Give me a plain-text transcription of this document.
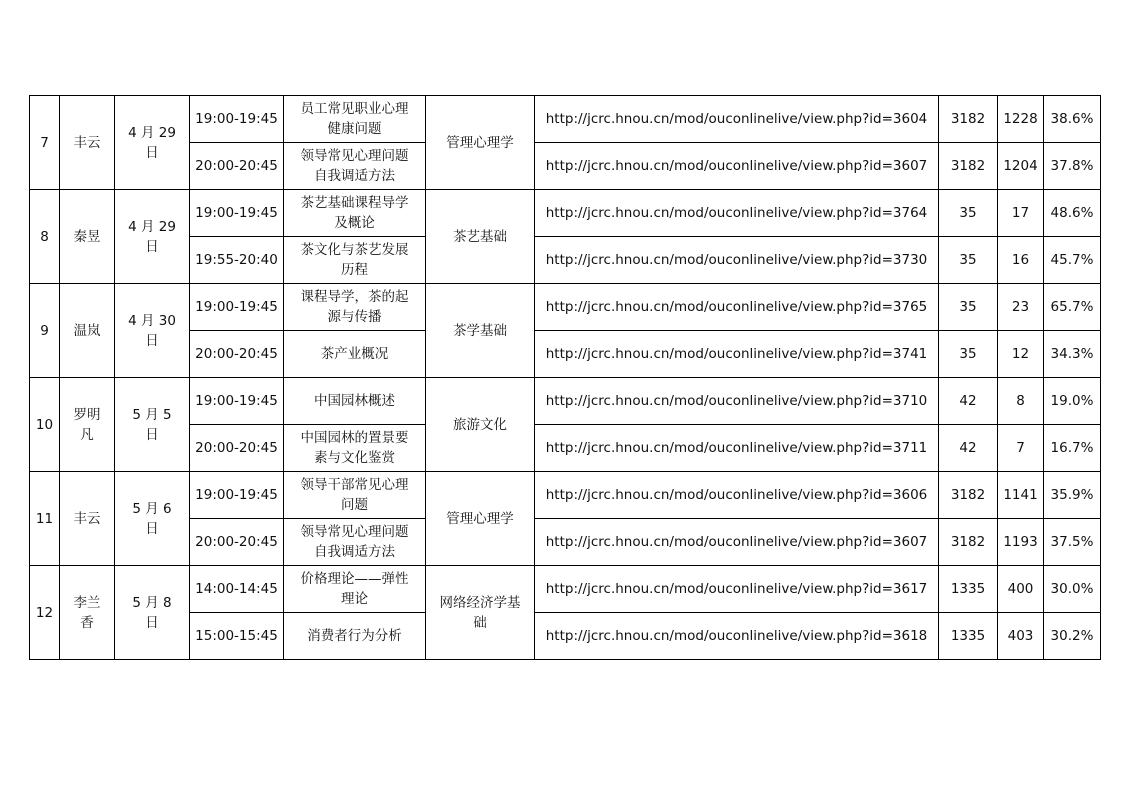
7	丰云	4 月 29 日	19:00-19:45	员工常见职业心理健康问题	管理心理学	http://jcrc.hnou.cn/mod/ouconlinelive/view.php?id=3604	3182	1228	38.6%
			20:00-20:45	领导常见心理问题自我调适方法		http://jcrc.hnou.cn/mod/ouconlinelive/view.php?id=3607	3182	1204	37.8%
8	秦昱	4 月 29 日	19:00-19:45	茶艺基础课程导学及概论	茶艺基础	http://jcrc.hnou.cn/mod/ouconlinelive/view.php?id=3764	35	17	48.6%
			19:55-20:40	茶文化与茶艺发展历程		http://jcrc.hnou.cn/mod/ouconlinelive/view.php?id=3730	35	16	45.7%
9	温岚	4 月 30 日	19:00-19:45	课程导学，茶的起源与传播	茶学基础	http://jcrc.hnou.cn/mod/ouconlinelive/view.php?id=3765	35	23	65.7%
			20:00-20:45	茶产业概况		http://jcrc.hnou.cn/mod/ouconlinelive/view.php?id=3741	35	12	34.3%
10	罗明凡	5 月 5 日	19:00-19:45	中国园林概述	旅游文化	http://jcrc.hnou.cn/mod/ouconlinelive/view.php?id=3710	42	8	19.0%
			20:00-20:45	中国园林的置景要素与文化鉴赏		http://jcrc.hnou.cn/mod/ouconlinelive/view.php?id=3711	42	7	16.7%
11	丰云	5 月 6 日	19:00-19:45	领导干部常见心理问题	管理心理学	http://jcrc.hnou.cn/mod/ouconlinelive/view.php?id=3606	3182	1141	35.9%
			20:00-20:45	领导常见心理问题自我调适方法		http://jcrc.hnou.cn/mod/ouconlinelive/view.php?id=3607	3182	1193	37.5%
12	李兰香	5 月 8 日	14:00-14:45	价格理论——弹性理论	网络经济学基础	http://jcrc.hnou.cn/mod/ouconlinelive/view.php?id=3617	1335	400	30.0%
			15:00-15:45	消费者行为分析		http://jcrc.hnou.cn/mod/ouconlinelive/view.php?id=3618	1335	403	30.2%
